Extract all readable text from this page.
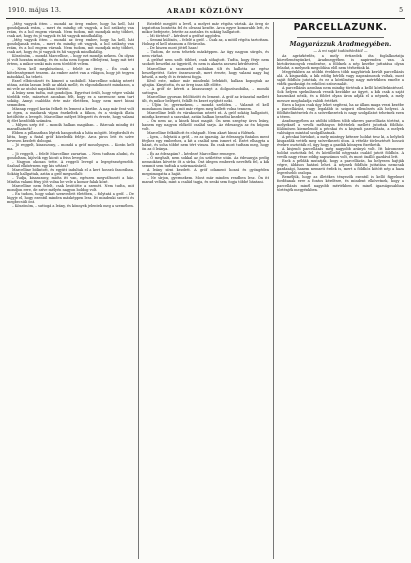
1910. május 13.	ARADI KÖZLÖNY	5

„Még vagyok itten – mondá az öreg ember, hogy ha kell, hát gondoljanak reám, – mert én mindig ott vagyok, a hol szükség van reám, és a hol engem várnak. Nem tudom, mit mondjak még többet, csak azt, hogy én jó vagyok és hű vagyok mindhalálig.

„Még vagyok itten – mondá az öreg ember, hogy ha kell, hát gondoljanak reám, – mert én mindig ott vagyok, a hol szükség van reám, és a hol engem várnak. Nem tudom, mit mondjak még többet, csak azt, hogy én jó vagyok és hű vagyok mindhalálig.

Köszönöm, – mondá Marcelline, – hogy ezt mondja nekem. Ön olyan jó volt hozzám mindig, és én soha nem fogom elfelejteni, hogy mit tett értem, a mikor senki más nem törődött velem.

– Nem kell megköszönni, – felelé az öreg. – Én csak a kötelességemet teszem. Az ember azért van a világon, hogy jót tegyen másokkal, ha teheti.

Ezzel elbúcsúzott és kiment a szobából. Marcelline sokáig nézett utána, aztán lassan leült az ablak mellé, és elgondolkozott mindazon, a mi vele az utolsó napokban történt.

A leány nem tudta, mit gondoljon. Egyrészt örült, hogy végre valaki törődik vele, másrészt azonban félt, hogy ez a szerencse nem tart sokáig. Annyi csalódás érte már életében, hogy nem mert hinni semmiben.

Másnap reggel korán felkelt és lement a kertbe. A nap már fent volt az égen, a madarak vígan énekeltek a fákon, és a virágok illata betöltötte a levegőt. Marcelline mélyet lélegzett és érezte, hogy valami új élet kezdődik számára.

– Milyen szép itt! – mondá halkan magában. – Bárcsak mindig itt maradhatnék!

Ebben a pillanatban léptek hangzottak a háta mögött. Megfordult és látta, hogy a fiatal gróf közeledik feléje. Arca piros lett és szíve hevesen kezdett dobogni.

– Jó reggelt, kisasszony, – mondá a gróf mosolyogva. – Korán kelt ma.

– Jó reggelt, – felelé Marcelline zavartan. – Nem tudtam aludni, és gondoltam, kijövök egy kicsit a friss levegőre.

– Nagyon okosan tette. A reggeli levegő a legegészségesebb. Szabad elkísérnem egy kis sétára?

Marcelline bólintott, és együtt indultak el a kert hosszú fasorában. Sokáig hallgattak, aztán a gróf megszólalt:

– Tudja, kisasszony, mióta itt van, egészen megváltozott a ház. Mintha valami fény jött volna be vele a komor falak közé.

Marcelline nem felelt, csak lesütötte a szemét. Nem tudta, mit mondjon erre, de szíve mélyén nagyon boldog volt.

– Én tudom, hogy sokat szenvedett életében, – folytatá a gróf. – De higyje el, hogy ezentúl minden másképpen lesz. Itt mindenki szereti és megbecsüli önt.

– Köszönöm, – suttogá a leány, és könnyek jelentek meg a szemében.

Estefelé megjött a levél, a melyet már régóta vártak. Az öreg úr izgatottan bontotta fel és olvasni kezdte. Arca egyre komorabb lett, és mikor befejezte, letette az asztalra és sokáig hallgatott.

– Mi történt? – kérdezé a grófné aggódva.

– Semmi különös, – felelé a gróf. – Csak az, a mitől régóta tartottam. Holnap el kell utaznom a fővárosba.

– De hiszen most jöttél haza!

– Tudom, de nem tehetek másképpen. Az ügy nagyon sürgős, és nem várhat.

A grófné nem szólt többet, csak sóhajtott. Tudta, hogy férje nem szokott beszélni az ügyeiről, és nem is akarta zavarni kérdéseivel.

Marcelline a szomszéd szobában ült és hallotta az egész beszélgetést. Szíve összeszorult, mert érezte, hogy valami nagy baj készül, a mely őt is érinteni fogja.

Késő este, mikor már mindenki lefeküdt, halkan kopogtak az ajtaján. Kinyitotta, és az öreg inas állt előtte.

– A gróf úr kéreti a kisasszonyt a dolgozószobába, – mondá suttogva.

Marcelline gyorsan felöltözött és lement. A gróf az íróasztal mellett ült, és mikor belépett, felállt és kezet nyújtott neki.

– Üljön le, gyermekem, – mondá szelíden. – Valamit el kell mondanom önnek, a mit már régen meg kellett volna tennem.

Marcelline leült és várakozóan nézett rá. A gróf sokáig hallgatott, mintha keresné a szavakat, aztán halkan beszélni kezdett.

– Ön nem az, a kinek hiszi magát. Ön nem szegény árva leány, hanem egy nagyon előkelő család sarja. Az édesanyja az én húgom volt.

Marcelline felkiáltott és elsápadt. Nem akart hinni a fülének.

– Igen, – folytatá a gróf, – ez az igazság. Az édesanyja fiatalon ment férjhez egy emberhez, a kit a család nem ismert el. Ezért elhagyta a házat, és soha többé nem tért vissza. Én csak most tudtam meg, hogy ön az ő leánya.

– És az édesapám? – kérdezé Marcelline remegve.

– Ő meghalt, nem sokkal az ön születése után. Az édesanyja pedig nemsokára követte őt a sírba. Önt idegen emberek nevelték fel, a kik semmit sem tudtak a származásáról.

A leány sírni kezdett. A gróf odament hozzá és gyöngéden megsimogatta a haját.

– Ne sírjon, gyermekem. Most már minden rendben lesz. Ön itt marad velünk, mint a család tagja, és senki sem fogja többé bántani.

PARCELLÁZUNK.

Magyarázzuk Aradmegyében.

— A mi saját tudósítónktól —

Az agrárkérdés, a mely évtizedek óta foglalkoztatja közvéleményünket, Aradmegyében is napirenden van. A birtokviszonyok rendezése, a földnek a nép kezébe juttatása olyan feladat, a melynek megoldása elől nem térhetünk ki.

Megyénkben az utóbbi években több nagybirtok került parcellázás alá. A kisgazdák, a kik eddig bérlők vagy napszámosok voltak, most saját földhöz jutottak, és ez a körülmény nagy mértékben emelte a vidék gazdasági és erkölcsi színvonalát.

A parcellázás azonban nem mindig történik a kellő körültekintéssel. Sok helyen spekulánsok veszik kezükbe az ügyet, a kik csak a saját hasznukat nézik, és a földet olyan áron adják el a népnek, a mely messze meghaladja valódi értékét.

Ezen a bajon csak úgy lehet segíteni, ha az állam maga veszi kezébe a parcellázást, vagy legalább is szigorú ellenőrzés alá helyezi. A földhitelintézetek és a szövetkezetek is nagy szolgálatot tehetnek ezen a téren.

Aradmegyében az utóbbi időben több sikeres parcellázás történt, a melyeknél a vevők méltányos feltételek mellett jutottak földhöz. Különösen kiemelendő a pécskai és a kisjenői parcellázás, a melyek valóságos mintául szolgálhatnak.

A pécskai birtokot, a mely mintegy kétezer holdat tesz ki, a helybeli kisgazdák vették meg szövetkezeti úton. A vételár törlesztését hosszú évekre osztották el, úgy hogy a gazdák könnyen fizethetik.

A kisjenői parcellázás még nagyobb arányú volt. Itt háromezer holdat osztottak fel, és körülbelül négyszáz család jutott földhöz. A vevők nagy része eddig napszámos volt, és most önálló gazdává lett.

Ezek a példák mutatják, hogy a parcellázás, ha helyesen hajtják végre, áldásos hatású lehet. A népnek földhöz juttatása nemcsak gazdasági, hanem nemzeti érdek is, mert a földhöz kötött nép a haza legerősebb oszlopa.

Reméljük, hogy az illetékes tényezők ezentúl is kellő figyelmet fordítanak erre a fontos kérdésre, és mindent elkövetnek, hogy a parcellázás minél nagyobb mértékben és minél igazságosabban történjék megyénkben.
